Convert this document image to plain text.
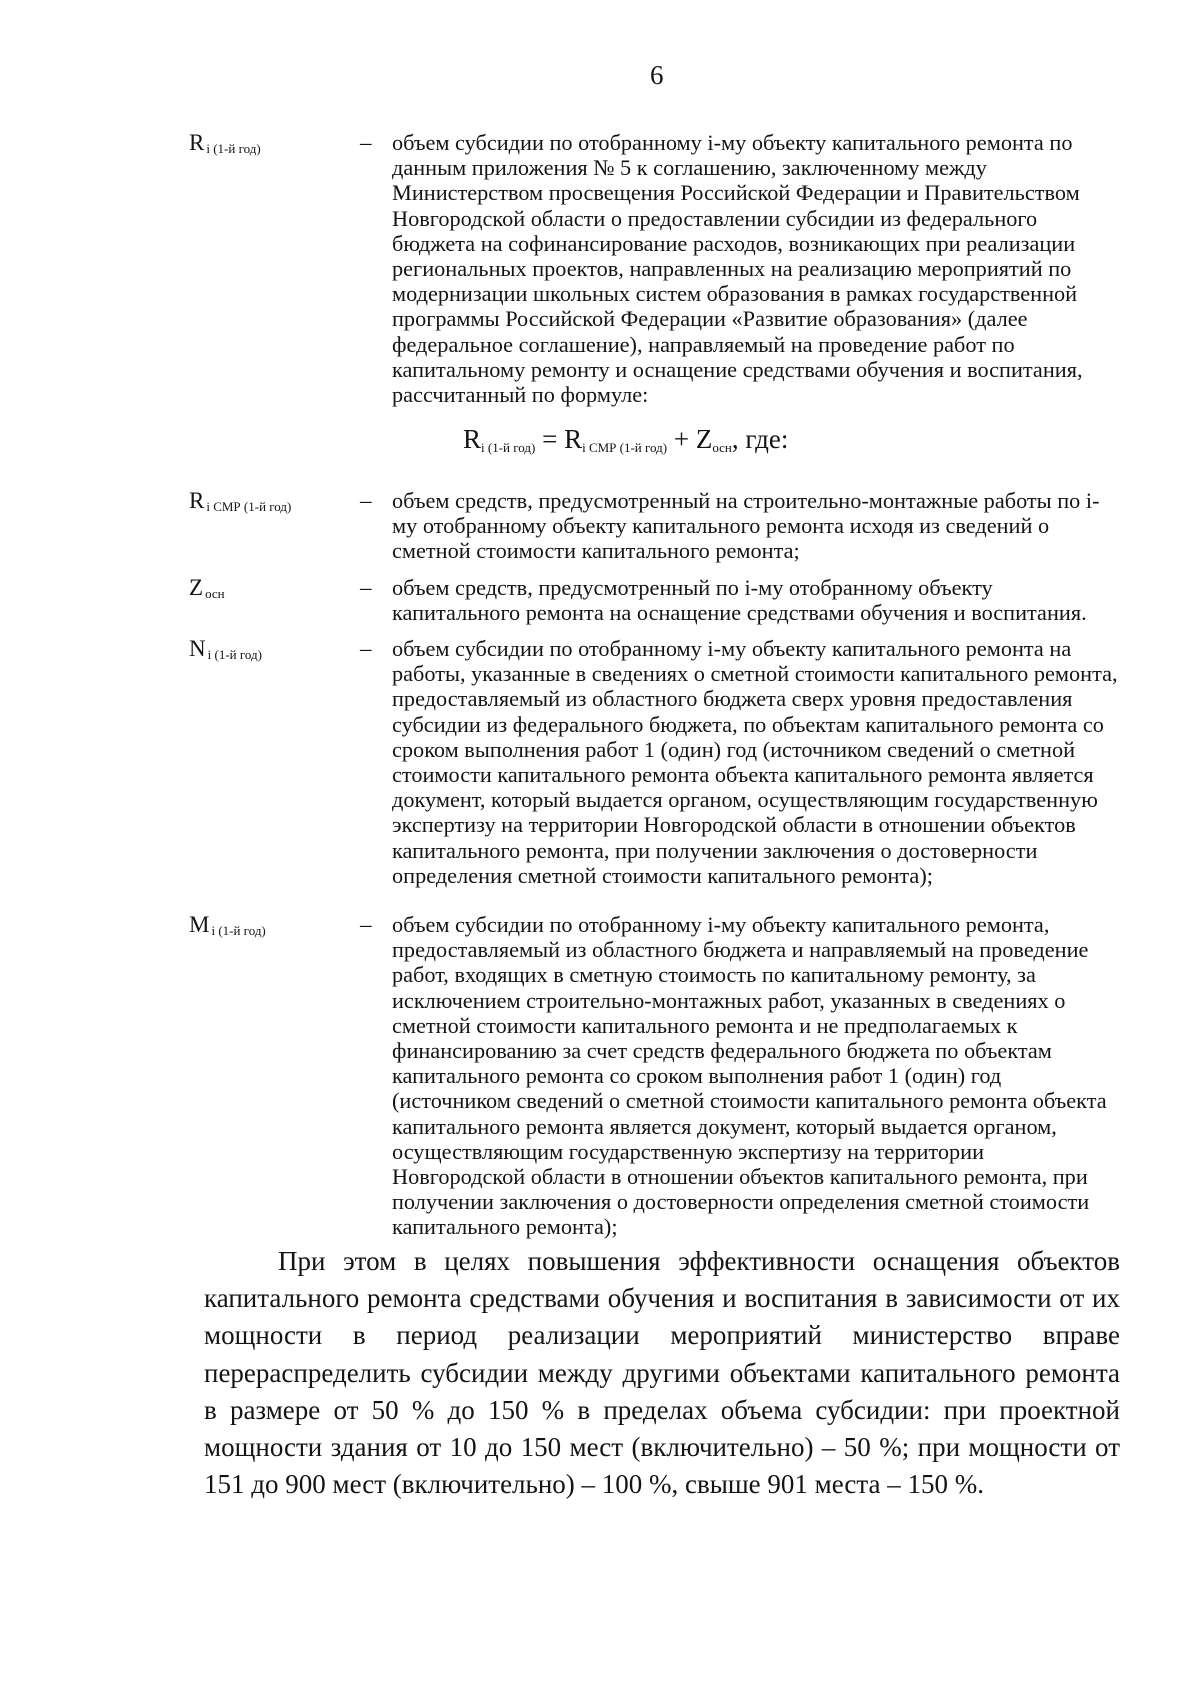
6
R $_{i (1-й год)}$	– объем субсидии по отобранному i-му объекту капитального ремонта по данным приложения № 5 к соглашению, заключенному между Министерством просвещения Российской Федерации и Правительством Новгородской области о предоставлении субсидии из федерального бюджета на софинансирование расходов, возникающих при реализации региональных проектов, направленных на реализацию мероприятий по модернизации школьных систем образования в рамках государственной программы Российской Федерации «Развитие образования» (далее федеральное соглашение), направляемый на проведение работ по капитальному ремонту и оснащение средствами обучения и воспитания, рассчитанный по формуле:
$R_{i (1-й год)} = R_{i СМР (1-й год)} + Z_{осн}$, где:
R $_{i СМР (1-й год)}$	– объем средств, предусмотренный на строительно-монтажные работы по i-му отобранному объекту капитального ремонта исходя из сведений о сметной стоимости капитального ремонта;
Z $_{осн}$	– объем средств, предусмотренный по i-му отобранному объекту капитального ремонта на оснащение средствами обучения и воспитания.
N $_{i (1-й год)}$	– объем субсидии по отобранному i-му объекту капитального ремонта на работы, указанные в сведениях о сметной стоимости капитального ремонта, предоставляемый из областного бюджета сверх уровня предоставления субсидии из федерального бюджета, по объектам капитального ремонта со сроком выполнения работ 1 (один) год (источником сведений о сметной стоимости капитального ремонта объекта капитального ремонта является документ, который выдается органом, осуществляющим государственную экспертизу на территории Новгородской области в отношении объектов капитального ремонта, при получении заключения о достоверности определения сметной стоимости капитального ремонта);
M $_{i (1-й год)}$	– объем субсидии по отобранному i-му объекту капитального ремонта, предоставляемый из областного бюджета и направляемый на проведение работ, входящих в сметную стоимость по капитальному ремонту, за исключением строительно-монтажных работ, указанных в сведениях о сметной стоимости капитального ремонта и не предполагаемых к финансированию за счет средств федерального бюджета по объектам капитального ремонта со сроком выполнения работ 1 (один) год (источником сведений о сметной стоимости капитального ремонта объекта капитального ремонта является документ, который выдается органом, осуществляющим государственную экспертизу на территории Новгородской области в отношении объектов капитального ремонта, при получении заключения о достоверности определения сметной стоимости капитального ремонта);
При этом в целях повышения эффективности оснащения объектов капитального ремонта средствами обучения и воспитания в зависимости от их мощности в период реализации мероприятий министерство вправе перераспределить субсидии между другими объектами капитального ремонта в размере от 50 % до 150 % в пределах объема субсидии: при проектной мощности здания от 10 до 150 мест (включительно) – 50 %; при мощности от 151 до 900 мест (включительно) – 100 %, свыше 901 места – 150 %.
